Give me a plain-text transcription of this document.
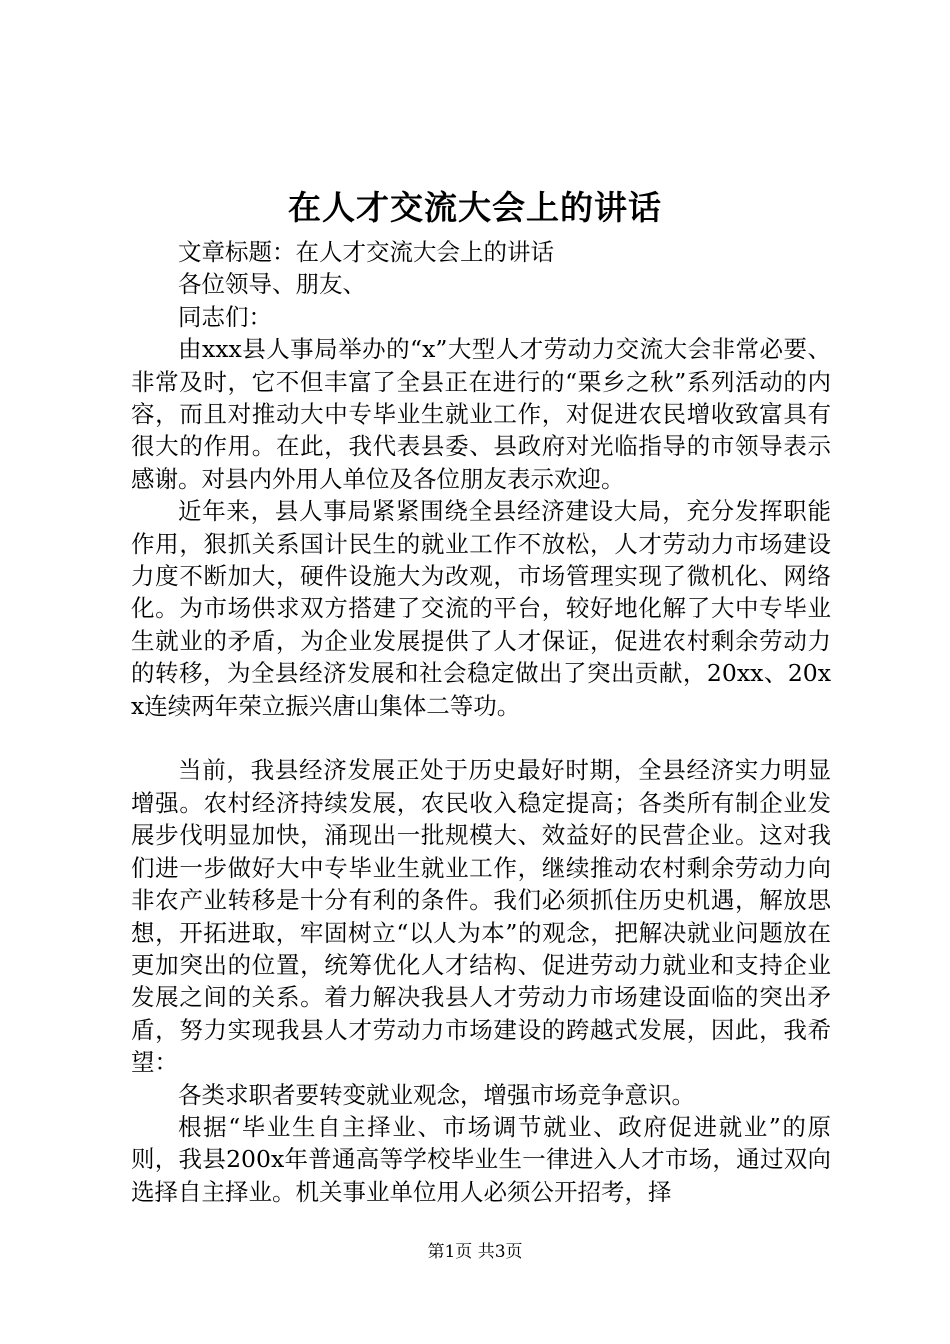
在人才交流大会上的讲话

文章标题：在人才交流大会上的讲话

各位领导、朋友、

同志们：

由xxx县人事局举办的“x”大型人才劳动力交流大会非常必要、非常及时，它不但丰富了全县正在进行的“栗乡之秋”系列活动的内容，而且对推动大中专毕业生就业工作，对促进农民增收致富具有很大的作用。在此，我代表县委、县政府对光临指导的市领导表示感谢。对县内外用人单位及各位朋友表示欢迎。

近年来，县人事局紧紧围绕全县经济建设大局，充分发挥职能作用，狠抓关系国计民生的就业工作不放松，人才劳动力市场建设力度不断加大，硬件设施大为改观，市场管理实现了微机化、网络化。为市场供求双方搭建了交流的平台，较好地化解了大中专毕业生就业的矛盾，为企业发展提供了人才保证，促进农村剩余劳动力的转移，为全县经济发展和社会稳定做出了突出贡献，20xx、20xx连续两年荣立振兴唐山集体二等功。

当前，我县经济发展正处于历史最好时期，全县经济实力明显增强。农村经济持续发展，农民收入稳定提高；各类所有制企业发展步伐明显加快，涌现出一批规模大、效益好的民营企业。这对我们进一步做好大中专毕业生就业工作，继续推动农村剩余劳动力向非农产业转移是十分有利的条件。我们必须抓住历史机遇，解放思想，开拓进取，牢固树立“以人为本”的观念，把解决就业问题放在更加突出的位置，统筹优化人才结构、促进劳动力就业和支持企业发展之间的关系。着力解决我县人才劳动力市场建设面临的突出矛盾，努力实现我县人才劳动力市场建设的跨越式发展，因此，我希望：

各类求职者要转变就业观念，增强市场竞争意识。

根据“毕业生自主择业、市场调节就业、政府促进就业”的原则，我县200x年普通高等学校毕业生一律进入人才市场，通过双向选择自主择业。机关事业单位用人必须公开招考，择

第1页 共3页
